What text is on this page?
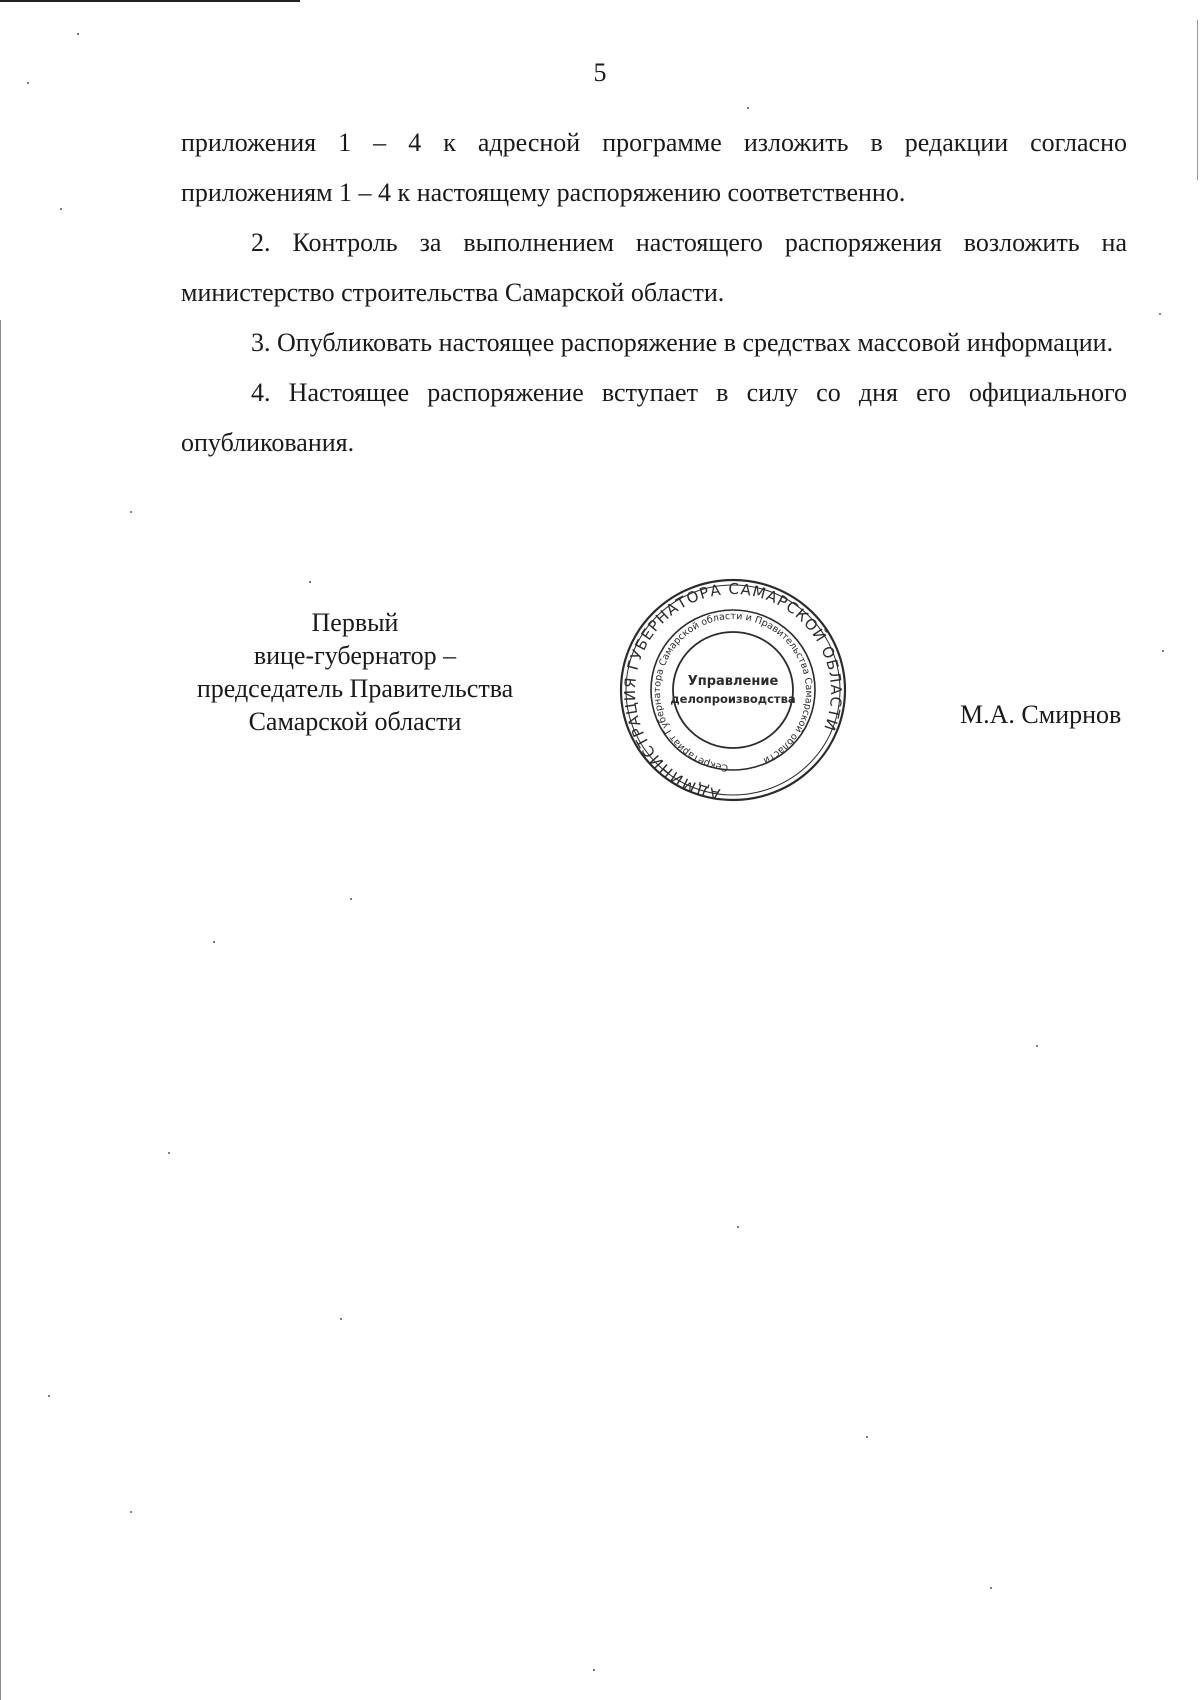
5

приложения 1 – 4 к адресной программе изложить в редакции согласно приложениям 1 – 4 к настоящему распоряжению соответственно.

2. Контроль за выполнением настоящего распоряжения возложить на министерство строительства Самарской области.

3. Опубликовать настоящее распоряжение в средствах массовой информации.

4. Настоящее распоряжение вступает в силу со дня его официального опубликования.

Первый
вице-губернатор –
председатель Правительства
Самарской области
АДМИНИСТРАЦИЯ ГУБЕРНАТОРА САМАРСКОЙ ОБЛАСТИ
Секретариат Губернатора Самарской области и Правительства Самарской области
Управление
делопроизводства
М.А. Смирнов
